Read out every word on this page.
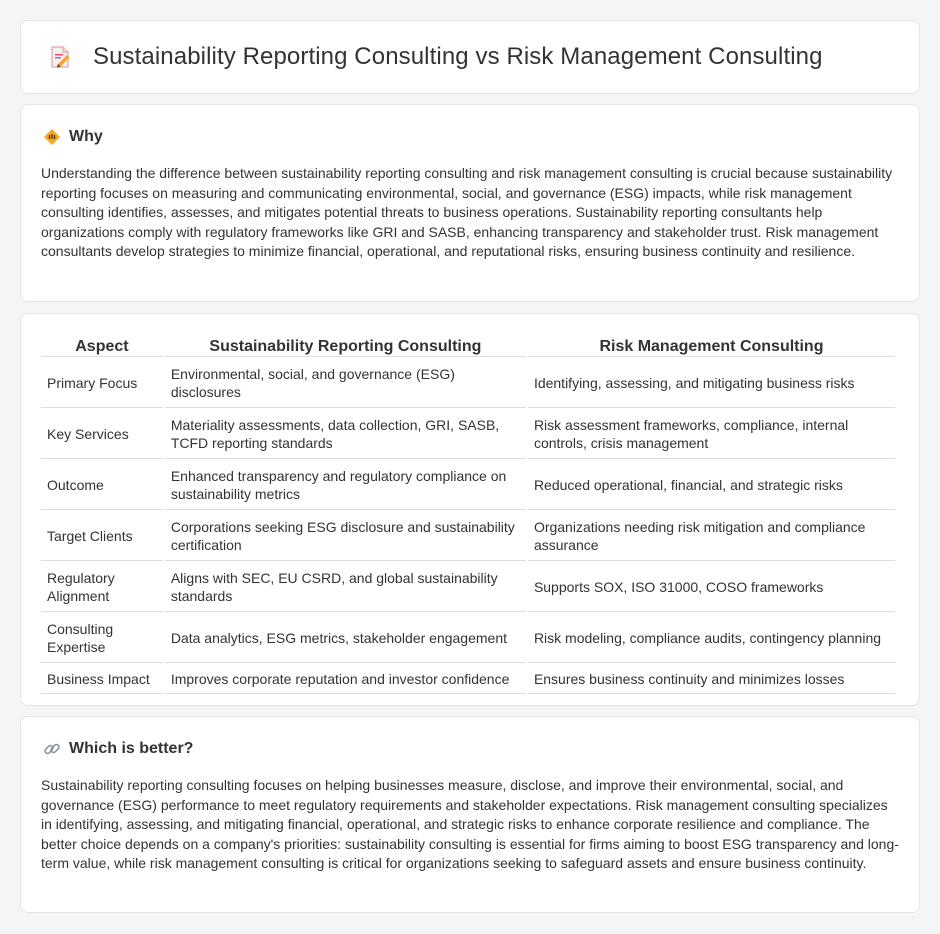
Sustainability Reporting Consulting vs Risk Management Consulting
Why

Understanding the difference between sustainability reporting consulting and risk management consulting is crucial because sustainability reporting focuses on measuring and communicating environmental, social, and governance (ESG) impacts, while risk management consulting identifies, assesses, and mitigates potential threats to business operations. Sustainability reporting consultants help organizations comply with regulatory frameworks like GRI and SASB, enhancing transparency and stakeholder trust. Risk management consultants develop strategies to minimize financial, operational, and reputational risks, ensuring business continuity and resilience.

Aspect	Sustainability Reporting Consulting	Risk Management Consulting
Primary Focus	Environmental, social, and governance (ESG) disclosures	Identifying, assessing, and mitigating business risks
Key Services	Materiality assessments, data collection, GRI, SASB, TCFD reporting standards	Risk assessment frameworks, compliance, internal controls, crisis management
Outcome	Enhanced transparency and regulatory compliance on sustainability metrics	Reduced operational, financial, and strategic risks
Target Clients	Corporations seeking ESG disclosure and sustainability certification	Organizations needing risk mitigation and compliance assurance
Regulatory Alignment	Aligns with SEC, EU CSRD, and global sustainability standards	Supports SOX, ISO 31000, COSO frameworks
Consulting Expertise	Data analytics, ESG metrics, stakeholder engagement	Risk modeling, compliance audits, contingency planning
Business Impact	Improves corporate reputation and investor confidence	Ensures business continuity and minimizes losses
Which is better?

Sustainability reporting consulting focuses on helping businesses measure, disclose, and improve their environmental, social, and governance (ESG) performance to meet regulatory requirements and stakeholder expectations. Risk management consulting specializes in identifying, assessing, and mitigating financial, operational, and strategic risks to enhance corporate resilience and compliance. The better choice depends on a company's priorities: sustainability consulting is essential for firms aiming to boost ESG transparency and long-term value, while risk management consulting is critical for organizations seeking to safeguard assets and ensure business continuity.
